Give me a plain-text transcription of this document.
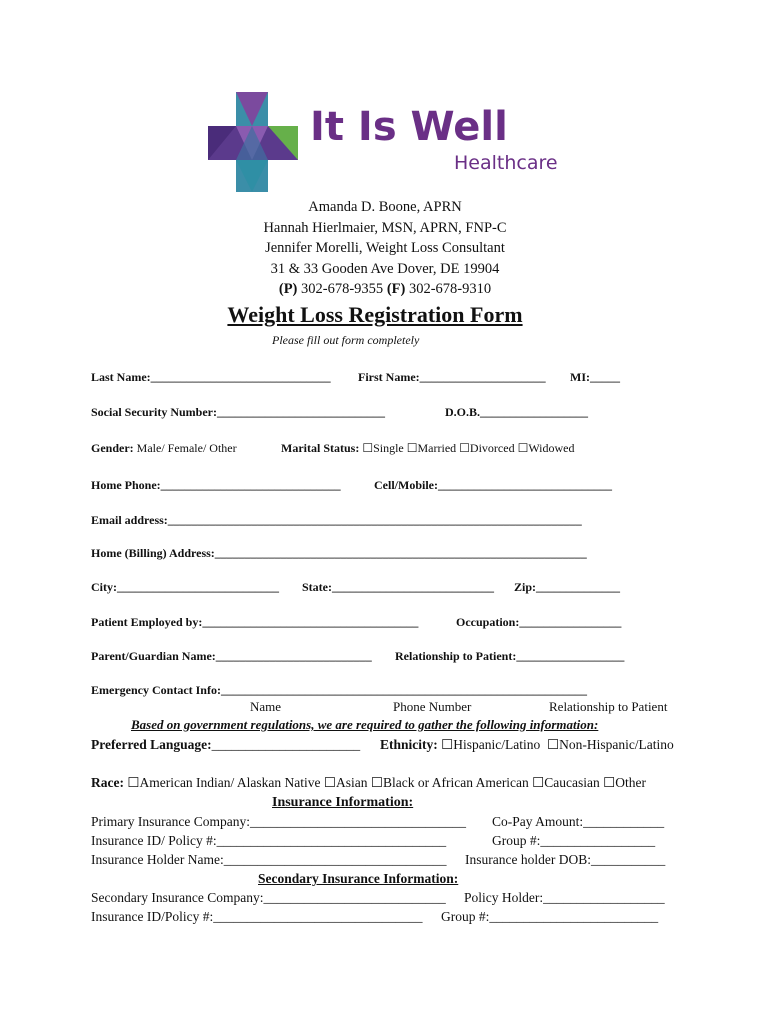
It Is Well
Healthcare
Amanda D. Boone, APRN
Hannah Hierlmaier, MSN, APRN, FNP-C
Jennifer Morelli, Weight Loss Consultant
31 & 33 Gooden Ave Dover, DE 19904
(P) 302-678-9355 (F) 302-678-9310
Weight Loss Registration Form
Please fill out form completely
Last Name:______________________________ First Name:_____________________ MI:_____
Social Security Number:____________________________	D.O.B.__________________
Gender: Male/ Female/ Other	Marital Status: ☐Single ☐Married ☐Divorced ☐Widowed
Home Phone:______________________________	Cell/Mobile:_____________________________
Email address:_____________________________________________________________________
Home (Billing) Address:______________________________________________________________
City:___________________________ State:___________________________ Zip:______________
Patient Employed by:____________________________________	Occupation:_________________
Parent/Guardian Name:__________________________ Relationship to Patient:__________________
Emergency Contact Info:_____________________________________________________________
Name	Phone Number	Relationship to Patient
Based on government regulations, we are required to gather the following information:
Preferred Language:______________________ Ethnicity: ☐Hispanic/Latino  ☐Non-Hispanic/Latino
Race: ☐American Indian/ Alaskan Native ☐Asian ☐Black or African American ☐Caucasian ☐Other
Insurance Information:
Primary Insurance Company:________________________________ Co-Pay Amount:____________
Insurance ID/ Policy #:__________________________________	Group #:_________________
Insurance Holder Name:_________________________________ Insurance holder DOB:___________
Secondary Insurance Information:
Secondary Insurance Company:___________________________ Policy Holder:__________________
Insurance ID/Policy #:_______________________________ Group #:_________________________
